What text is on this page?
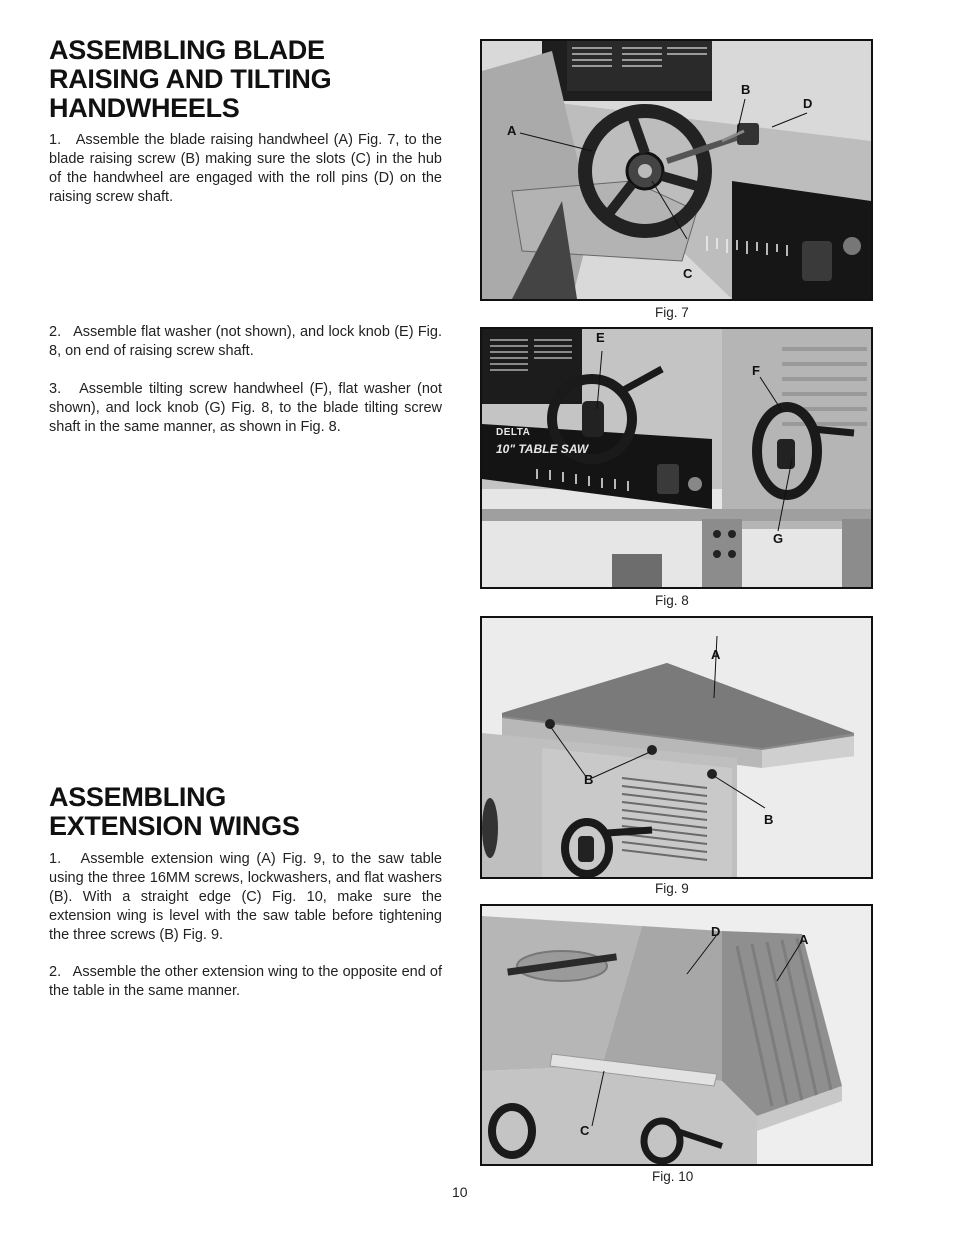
ASSEMBLING BLADE
RAISING AND TILTING
HANDWHEELS

1.   Assemble the blade raising handwheel (A) Fig. 7, to the blade raising screw (B) making sure the slots (C) in the hub of the handwheel are engaged with the roll pins (D) on the raising screw shaft.

2.   Assemble flat washer (not shown), and lock knob (E) Fig. 8, on end of raising screw shaft.

3.   Assemble tilting screw handwheel (F), flat washer (not shown), and lock knob (G) Fig. 8, to the blade tilting screw shaft in the same manner, as shown in Fig. 8.

ASSEMBLING
EXTENSION WINGS

1.   Assemble extension wing (A) Fig. 9, to the saw table using the three 16MM screws, lockwashers, and flat washers (B). With a straight edge (C) Fig. 10, make sure the extension wing is level with the saw table before tightening the three screws (B) Fig. 9.

2.   Assemble the other extension wing to the opposite end of the table in the same manner.

A
B
D
C
Fig. 7
DELTA
10" TABLE SAW
E
F
G
Fig. 8
A
B
B
Fig. 9
D
A
C
Fig. 10
10
